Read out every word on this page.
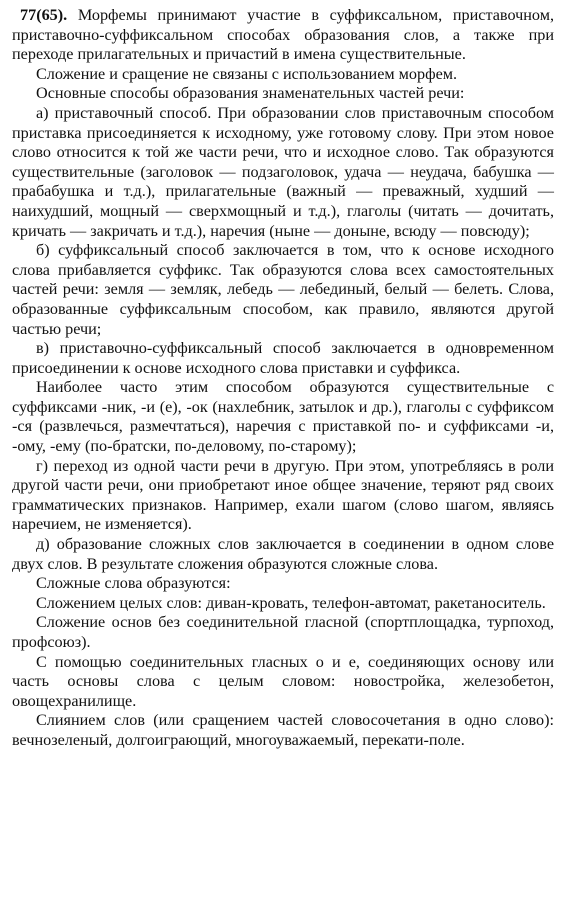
77(65). Морфемы принимают участие в суффиксальном, приставочном, приставочно-суффиксальном способах образования слов, а также при переходе прилагательных и причастий в имена существительные.

Сложение и сращение не связаны с использованием морфем.

Основные способы образования знаменательных частей речи:

а) приставочный способ. При образовании слов приставочным способом приставка присоединяется к исходному, уже готовому слову. При этом новое слово относится к той же части речи, что и исходное слово. Так образуются существительные (заголовок — подзаголовок, удача — неудача, бабушка — прабабушка и т.д.), прилагательные (важный — преважный, худший — наихудший, мощный — сверхмощный и т.д.), глаголы (читать — дочитать, кричать — закричать и т.д.), наречия (ныне — доныне, всюду — повсюду);

б) суффиксальный способ заключается в том, что к основе исходного слова прибавляется суффикс. Так образуются слова всех самостоятельных частей речи: земля — земляк, лебедь — лебединый, белый — белеть. Слова, образованные суффиксальным способом, как правило, являются другой частью речи;

в) приставочно-суффиксальный способ заключается в одновременном присоединении к основе исходного слова приставки и суффикса.

Наиболее часто этим способом образуются существительные с суффиксами -ник, -и (е), -ок (нахлебник, затылок и др.), глаголы с суффиксом -ся (развлечься, размечтаться), наречия с приставкой по- и суффиксами -и, -ому, -ему (по-братски, по-деловому, по-старому);

г) переход из одной части речи в другую. При этом, употребляясь в роли другой части речи, они приобретают иное общее значение, теряют ряд своих грамматических признаков. Например, ехали шагом (слово шагом, являясь наречием, не изменяется).

д) образование сложных слов заключается в соединении в одном слове двух слов. В результате сложения образуются сложные слова.

Сложные слова образуются:

Сложением целых слов: диван-кровать, телефон-автомат, ракетаноситель.

Сложение основ без соединительной гласной (спортплощадка, турпоход, профсоюз).

С помощью соединительных гласных о и е, соединяющих основу или часть основы слова с целым словом: новостройка, железобетон, овощехранилище.

Слиянием слов (или сращением частей словосочетания в одно слово): вечнозеленый, долгоиграющий, многоуважаемый, перекати-поле.
